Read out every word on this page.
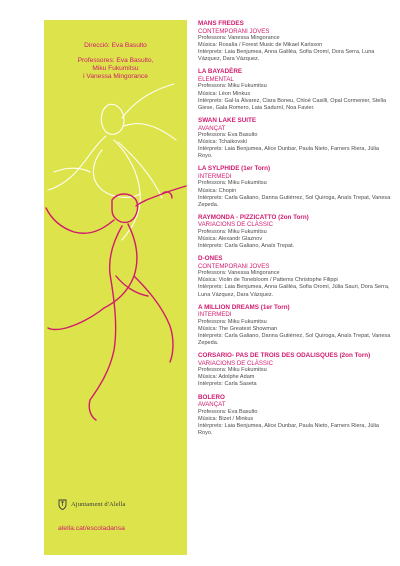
Direcció: Eva Basulto
Professores: Eva Basulto,
Miku Fukumitsu
i Vanessa Mingorance
Ajuntament d'Alella
alella.cat/escoladansa
MANS FREDES
CONTEMPORANI JOVES
Professora: Vanessa Mingorance
Música: Rosalía / Forest Music de Mikael Karlsson
Intèrprets: Laia Benjumea, Anna Galiléa, Sofia Oromí, Dora Serra, Luna Vázquez, Dara Vázquez.
LA BAYADÈRE
ELEMENTAL
Professora: Miku Fukumitsu
Música: Léon Minkus
Intèrprets: Gal·la Álvarez, Clara Boneu, Chloé Casilli, Opal Cormenier, Stella Giese, Gala Romero, Laia Sadurní, Noa Favier.
SWAN LAKE SUITE
AVANÇAT
Professora: Eva Basulto
Música: Tchaikovski
Intèrprets: Laia Benjumea, Alice Dunbar, Paula Nieto, Farners Riera, Júlia Royo.
LA SYLPHIDE (1er Torn)
INTERMEDI
Professora: Miku Fukumitsu
Música: Chopin
Intèrprets: Carla Galiano, Danna Gutiérrez, Sol Quiroga, Anaïs Trepat, Vanesa Zepeda.
RAYMONDA - PIZZICATTO (2on Torn)
VARIACIONS DE CLÀSSIC
Professora: Miku Fukumitsu
Música: Alexandr Glaznov
Intèrprets: Carla Galiano, Anaïs Trepat.
D-ONES
CONTEMPORANI JOVES
Professora: Vanessa Mingorance
Música: Violin de Tonebloom / Pattems Christophe Filippi
Intèrprets: Laia Benjumea, Anna Galiléa, Sofia Oromí, Júlia Sauri, Dora Serra, Luna Vázquez, Dara Vázquez.
A MILLION DREAMS (1er Torn)
INTERMEDI
Professora: Miku Fukumitsu
Música: The Greatest Showman
Intèrprets: Carla Galiano, Danna Gutiérrez, Sol Quiroga, Anaïs Trepat, Vanesa Zepeda.
CORSARIO- PAS DE TROIS DES ODALISQUES (2on Torn)
VARIACIONS DE CLÀSSIC
Professora: Miku Fukumitsu
Música: Adolphe Adam
Intèrprets: Carla Saseta
BOLERO
AVANÇAT
Professora: Eva Basulto
Música: Bizet / Minkus
Intèrprets: Laia Benjumea, Alice Dunbar, Paula Nieto, Farners Riera, Júlia Royo.
